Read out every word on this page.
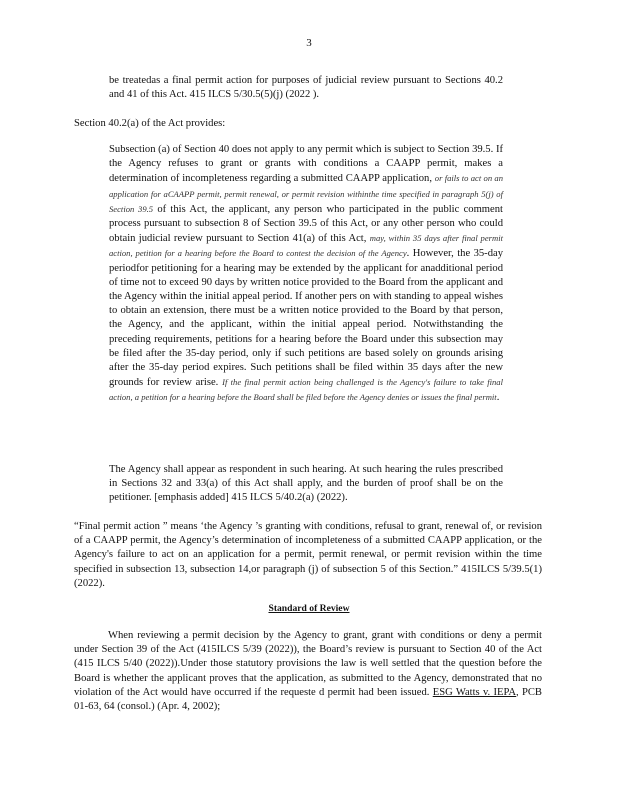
3

be treatedas a final permit action for purposes of judicial review pursuant to Sections 40.2 and 41 of this Act. 415 ILCS 5/30.5(5)(j) (2022 ).

Section 40.2(a) of the Act provides:

Subsection (a) of Section 40 does not apply to any permit which is subject to Section 39.5. If the Agency refuses to grant or grants with conditions a CAAPP permit, makes a determination of incompleteness regarding a submitted CAAPP application, or fails to act on an application for aCAAPP permit, permit renewal, or permit revision withinthe time specified in paragraph 5(j) of Section 39.5 of this Act, the applicant, any person who participated in the public comment process pursuant to subsection 8 of Section 39.5 of this Act, or any other person who could obtain judicial review pursuant to Section 41(a) of this Act, may, within 35 days after final permit action, petition for a hearing before the Board to contest the decision of the Agency. However, the 35-day periodfor petitioning for a hearing may be extended by the applicant for anadditional period of time not to exceed 90 days by written notice provided to the Board from the applicant and the Agency within the initial appeal period. If another pers on with standing to appeal wishes to obtain an extension, there must be a written notice provided to the Board by that person, the Agency, and the applicant, within the initial appeal period. Notwithstanding the preceding requirements, petitions for a hearing before the Board under this subsection may be filed after the 35-day period, only if such petitions are based solely on grounds arising after the 35-day period expires. Such petitions shall be filed within 35 days after the new grounds for review arise. If the final permit action being challenged is the Agency's failure to take final action, a petition for a hearing before the Board shall be filed before the Agency denies or issues the final permit.

The Agency shall appear as respondent in such hearing. At such hearing the rules prescribed in Sections 32 and 33(a) of this Act shall apply, and the burden of proof shall be on the petitioner. [emphasis added] 415 ILCS 5/40.2(a) (2022).

“Final permit action ” means ‘the Agency ’s granting with conditions, refusal to grant, renewal of, or revision of a CAAPP permit, the Agency’s determination of incompleteness of a submitted CAAPP application, or the Agency's failure to act on an application for a permit, permit renewal, or permit revision within the time specified in subsection 13, subsection 14,or paragraph (j) of subsection 5 of this Section.” 415ILCS 5/39.5(1) (2022).

Standard of Review

When reviewing a permit decision by the Agency to grant, grant with conditions or deny a permit under Section 39 of the Act (415ILCS 5/39 (2022)), the Board’s review is pursuant to Section 40 of the Act (415 ILCS 5/40 (2022)).Under those statutory provisions the law is well settled that the question before the Board is whether the applicant proves that the application, as submitted to the Agency, demonstrated that no violation of the Act would have occurred if the requeste d permit had been issued. ESG Watts v. IEPA, PCB 01-63, 64 (consol.) (Apr. 4, 2002);
